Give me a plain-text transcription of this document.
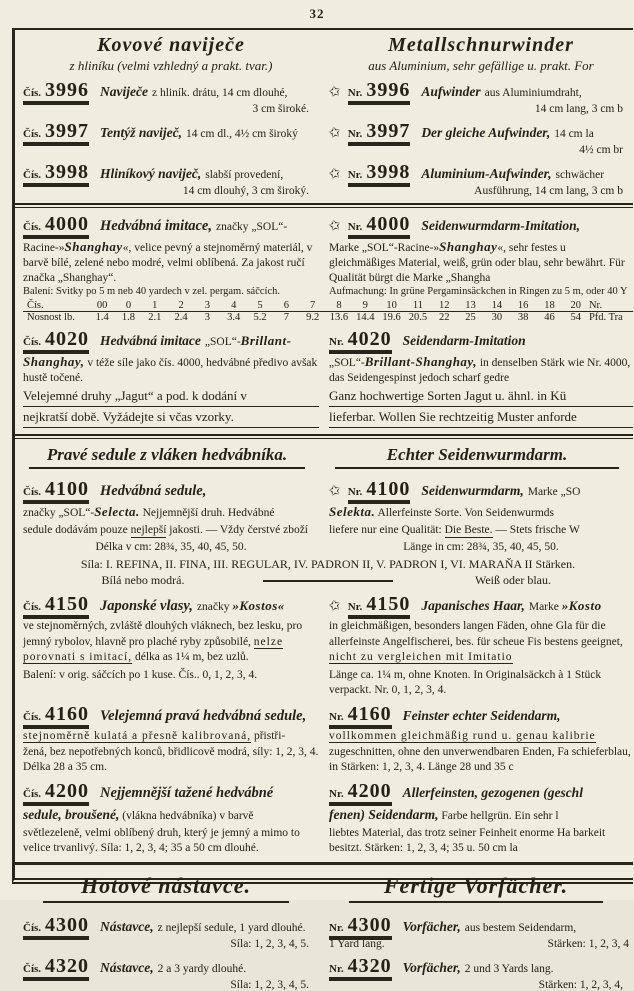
32
Kovové naviječe
z hliníku (velmi vzhledný a prakt. tvar.)
Metallschnurwinder
aus Aluminium, sehr gefällige u. prakt. For
Čís. 3996 Naviječe z hliník. drátu, 14 cm dlouhé,
3 cm široké.
✩ Nr. 3996 Aufwinder aus Aluminiumdraht,
14 cm lang, 3 cm b
Čís. 3997 Tentýž naviječ, 14 cm dl., 4½ cm široký	✩ Nr. 3997 Der gleiche Aufwinder, 14 cm la
4½ cm br
Čís. 3998 Hliníkový naviječ, slabší provedení,
14 cm dlouhý, 3 cm široký.
✩ Nr. 3998 Aluminium-Aufwinder, schwächer
Ausführung, 14 cm lang, 3 cm b
Čís. 4000 Hedvábná imitace, značky „SOL“-
Racine-»Shanghay«, velice pevný a stejnoměrný materiál, v barvě bílé, zelené nebo modré, velmi oblíbená. Za jakost ručí značka „Shanghay“.
Balení: Svitky po 5 m neb 40 yardech v zel. pergam. sáčcích.
✩ Nr. 4000 Seidenwurmdarm-Imitation,
Marke „SOL“-Racine-»Shanghay«, sehr festes u gleichmäßiges Material, weiß, grün oder blau, sehr bewährt. Für Qualität bürgt die Marke „Shangha
Aufmachung: In grüne Pergaminsäckchen in Ringen zu 5 m, oder 40 Y
Čís.	00	0	1	2	3	4	5	6	7	8	9	10	11	12	13	14	16	18	20 Nr.
Nosnost lb.	1.4	1.8	2.1	2.4	3	3.4	5.2	7	9.2	13.6 14.4 19.6 20.5	22	25	30	38	46	54 Pfd. Tra
Čís. 4020 Hedvábná imitace „SOL“-Brillant-
Shanghay, v téže síle jako čís. 4000, hedvábné předivo avšak hustě točené.
Velejemné druhy „Jagut“ a pod. k dodání v
nejkratší době. Vyžádejte si včas vzorky.
Nr. 4020 Seidendarm-Imitation
„SOL“-Brillant-Shanghay, in denselben Stärk wie Nr. 4000, das Seidengespinst jedoch scharf gedre
Ganz hochwertige Sorten Jagut u. ähnl. in Kü
lieferbar. Wollen Sie rechtzeitig Muster anforde
Pravé sedule z vláken hedvábníka.	Echter Seidenwurmdarm.
Čís. 4100 Hedvábná sedule,
značky „SOL“-Selecta. Nejjemnější druh. Hedvábné
sedule dodávám pouze nejlepší jakosti. — Vždy čerstvé zboží
Délka v cm: 28¾, 35, 40, 45, 50.
✩ Nr. 4100 Seidenwurmdarm, Marke „SO
Selekta. Allerfeinste Sorte. Von Seidenwurmds
liefere nur eine Qualität: Die Beste. — Stets frische W
Länge in cm: 28¾, 35, 40, 45, 50.
Síla: I. REFINA, II. FINA, III. REGULAR, IV. PADRON II, V. PADRON I, VI. MARAŇA II Stärken.
Bílá nebo modrá.	Weiß oder blau.
Čís. 4150 Japonské vlasy, značky »Kostos«
ve stejnoměrných, zvláště dlouhých vláknech, bez lesku, pro jemný rybolov, hlavně pro plaché ryby způsobilé, nelze porovnati s imitací, délka as 1¼ m, bez uzlů.
Balení: v orig. sáčcích po 1 kuse. Čís.. 0, 1, 2, 3, 4.
✩ Nr. 4150 Japanisches Haar, Marke »Kosto
in gleichmäßigen, besonders langen Fäden, ohne Gla für die allerfeinste Angelfischerei, bes. für scheue Fis bestens geeignet, nicht zu vergleichen mit Imitatio
Länge ca. 1¼ m, ohne Knoten. In Originalsäckch à 1 Stück verpackt. Nr. 0, 1, 2, 3, 4.
Čís. 4160 Velejemná pravá hedvábná sedule,
stejnoměrně kulatá a přesně kalibrovaná, přistři-
žená, bez nepotřebných konců, břidlicově modrá, síly: 1, 2, 3, 4. Délka 28 a 35 cm.
Nr. 4160 Feinster echter Seidendarm,
vollkommen gleichmäßig rund u. genau kalibrie
zugeschnitten, ohne den unverwendbaren Enden, Fa schieferblau, in Stärken: 1, 2, 3, 4. Länge 28 und 35 c
Čís. 4200 Nejjemnější tažené hedvábné
sedule, broušené, (vlákna hedvábníka) v barvě
světlezeleně, velmi oblíbený druh, který je jemný a mimo to velice trvanlivý. Síla: 1, 2, 3, 4; 35 a 50 cm dlouhé.
Nr. 4200 Allerfeinsten, gezogenen (geschl
fenen) Seidendarm, Farbe hellgrün. Ein sehr l
liebtes Material, das trotz seiner Feinheit enorme Ha barkeit besitzt. Stärken: 1, 2, 3, 4; 35 u. 50 cm la
Hotové nástavce.	Fertige Vorfächer.
Čís. 4300 Nástavce, z nejlepší sedule, 1 yard dlouhé.
Síla: 1, 2, 3, 4, 5.
Nr. 4300 Vorfächer, aus bestem Seidendarm,
1 Yard lang.	Stärken: 1, 2, 3, 4
Čís. 4320 Nástavce, 2 a 3 yardy dlouhé.
Síla: 1, 2, 3, 4, 5.
Nr. 4320 Vorfächer, 2 und 3 Yards lang.
Stärken: 1, 2, 3, 4,
